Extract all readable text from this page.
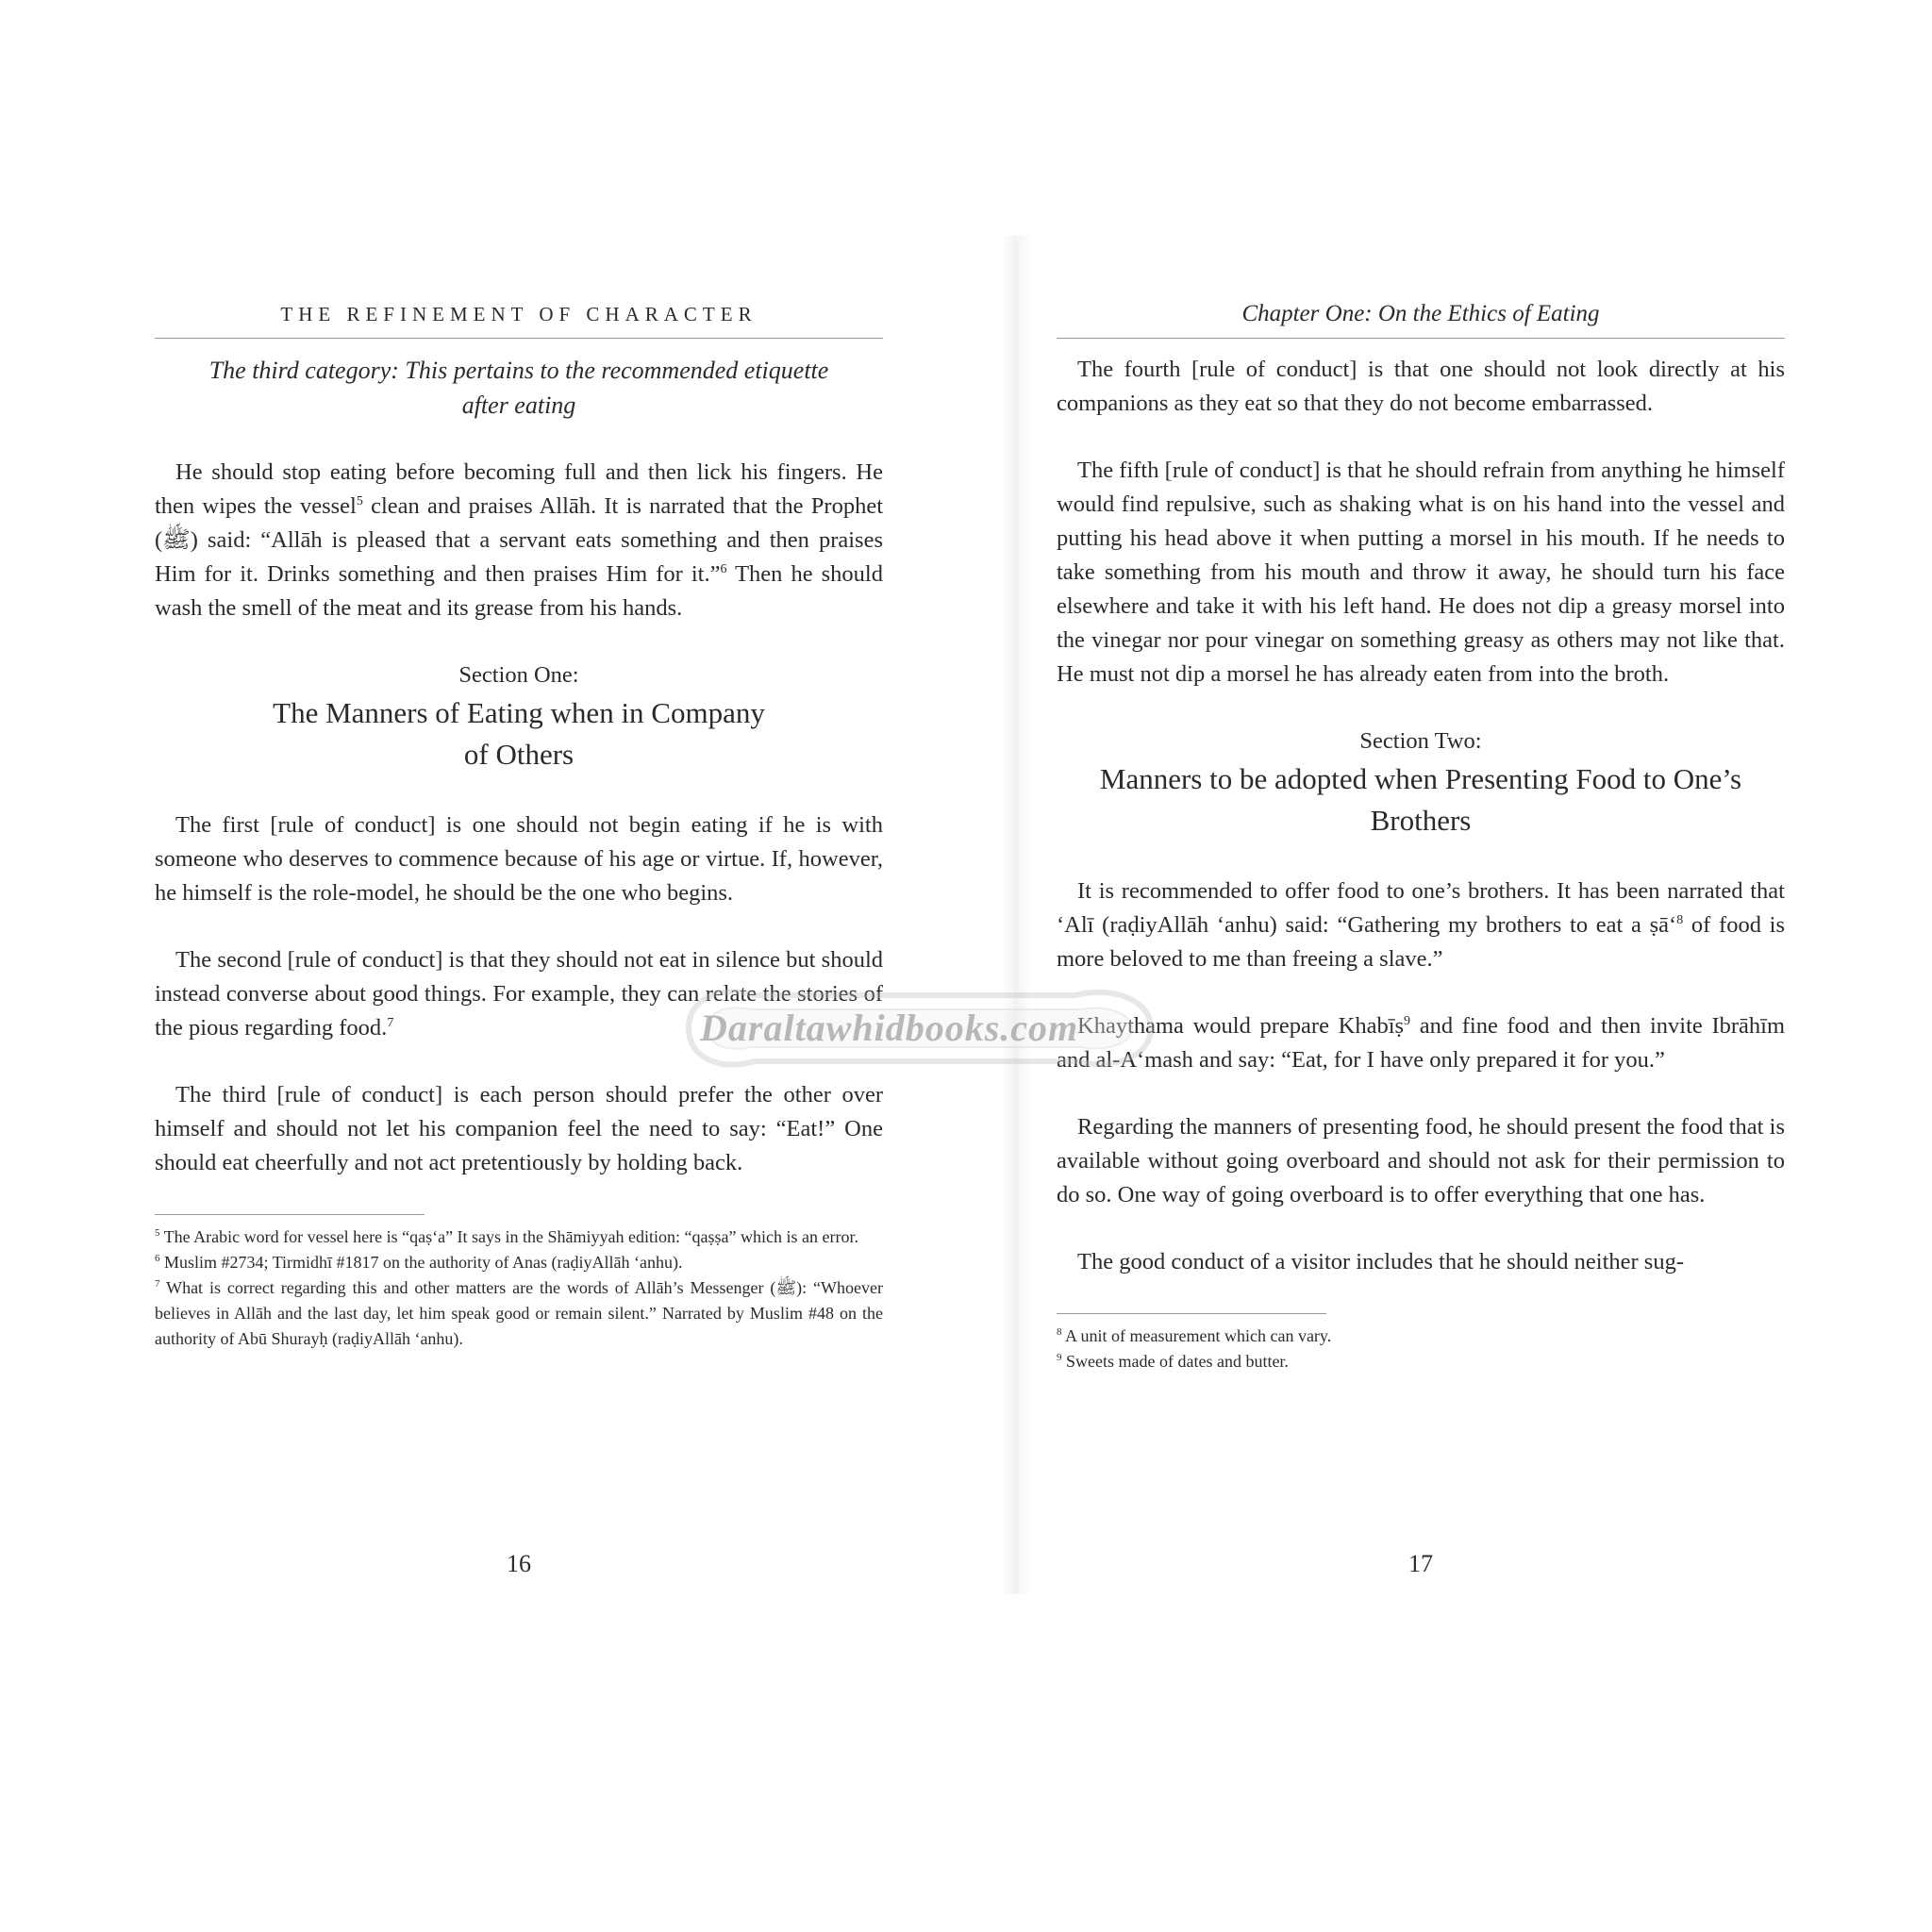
THE REFINEMENT OF CHARACTER
The third category: This pertains to the recommended etiquette after eating

He should stop eating before becoming full and then lick his fingers. He then wipes the vessel$^5$ clean and praises Allāh. It is narrated that the Prophet (ﷺ) said: “Allāh is pleased that a servant eats something and then praises Him for it. Drinks something and then praises Him for it.”$^6$ Then he should wash the smell of the meat and its grease from his hands.

Section One:
The Manners of Eating when in Company of Others

The first [rule of conduct] is one should not begin eating if he is with someone who deserves to commence because of his age or virtue. If, however, he himself is the role-model, he should be the one who begins.

The second [rule of conduct] is that they should not eat in silence but should instead converse about good things. For example, they can relate the stories of the pious regarding food.$^7$

The third [rule of conduct] is each person should prefer the other over himself and should not let his companion feel the need to say: “Eat!” One should eat cheerfully and not act pretentiously by holding back.

$^5$ The Arabic word for vessel here is “qaṣ‘a” It says in the Shāmiyyah edition: “qaṣṣa” which is an error.
$^6$ Muslim #2734; Tirmidhī #1817 on the authority of Anas (raḍiyAllāh ‘anhu).
$^7$ What is correct regarding this and other matters are the words of Allāh’s Messenger (ﷺ): “Whoever believes in Allāh and the last day, let him speak good or remain silent.” Narrated by Muslim #48 on the authority of Abū Shurayḥ (raḍiyAllāh ‘anhu).
16
Chapter One: On the Ethics of Eating

The fourth [rule of conduct] is that one should not look directly at his companions as they eat so that they do not become embarrassed.

The fifth [rule of conduct] is that he should refrain from anything he himself would find repulsive, such as shaking what is on his hand into the vessel and putting his head above it when putting a morsel in his mouth. If he needs to take something from his mouth and throw it away, he should turn his face elsewhere and take it with his left hand. He does not dip a greasy morsel into the vinegar nor pour vinegar on something greasy as others may not like that. He must not dip a morsel he has already eaten from into the broth.

Section Two:
Manners to be adopted when Presenting Food to One’s Brothers

It is recommended to offer food to one’s brothers. It has been narrated that ‘Alī (raḍiyAllāh ‘anhu) said: “Gathering my brothers to eat a ṣā‘$^8$ of food is more beloved to me than freeing a slave.”

Khaythama would prepare Khabīṣ$^9$ and fine food and then invite Ibrāhīm and al-A‘mash and say: “Eat, for I have only prepared it for you.”

Regarding the manners of presenting food, he should present the food that is available without going overboard and should not ask for their permission to do so. One way of going overboard is to offer everything that one has.

The good conduct of a visitor includes that he should neither sug-

$^8$ A unit of measurement which can vary.
$^9$ Sweets made of dates and butter.
17
Daraltawhidbooks.com
